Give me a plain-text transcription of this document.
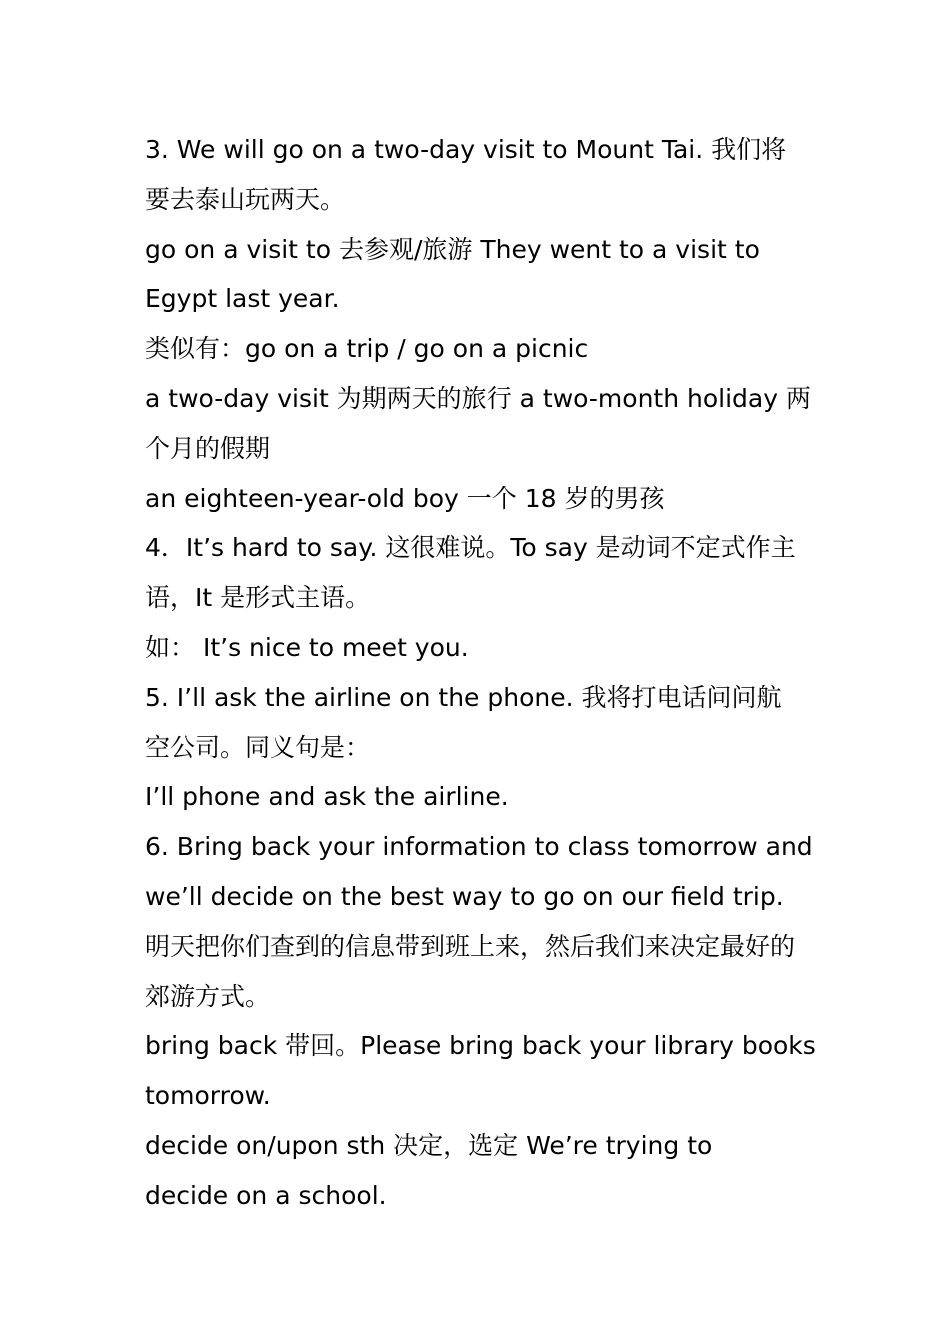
3. We will go on a two-day visit to Mount Tai. 我们将
要去泰山玩两天。
go on a visit to 去参观/旅游 They went to a visit to
Egypt last year.
类似有：go on a trip / go on a picnic
a two-day visit 为期两天的旅行 a two-month holiday 两
个月的假期
an eighteen-year-old boy 一个 18 岁的男孩
4．It’s hard to say. 这很难说。To say 是动词不定式作主
语，It 是形式主语。
如： It’s nice to meet you.
5. I’ll ask the airline on the phone. 我将打电话问问航
空公司。同义句是：
I’ll phone and ask the airline.
6. Bring back your information to class tomorrow and
we’ll decide on the best way to go on our field trip.
明天把你们查到的信息带到班上来，然后我们来决定最好的
郊游方式。
bring back 带回。Please bring back your library books
tomorrow.
decide on/upon sth 决定，选定 We’re trying to
decide on a school.
